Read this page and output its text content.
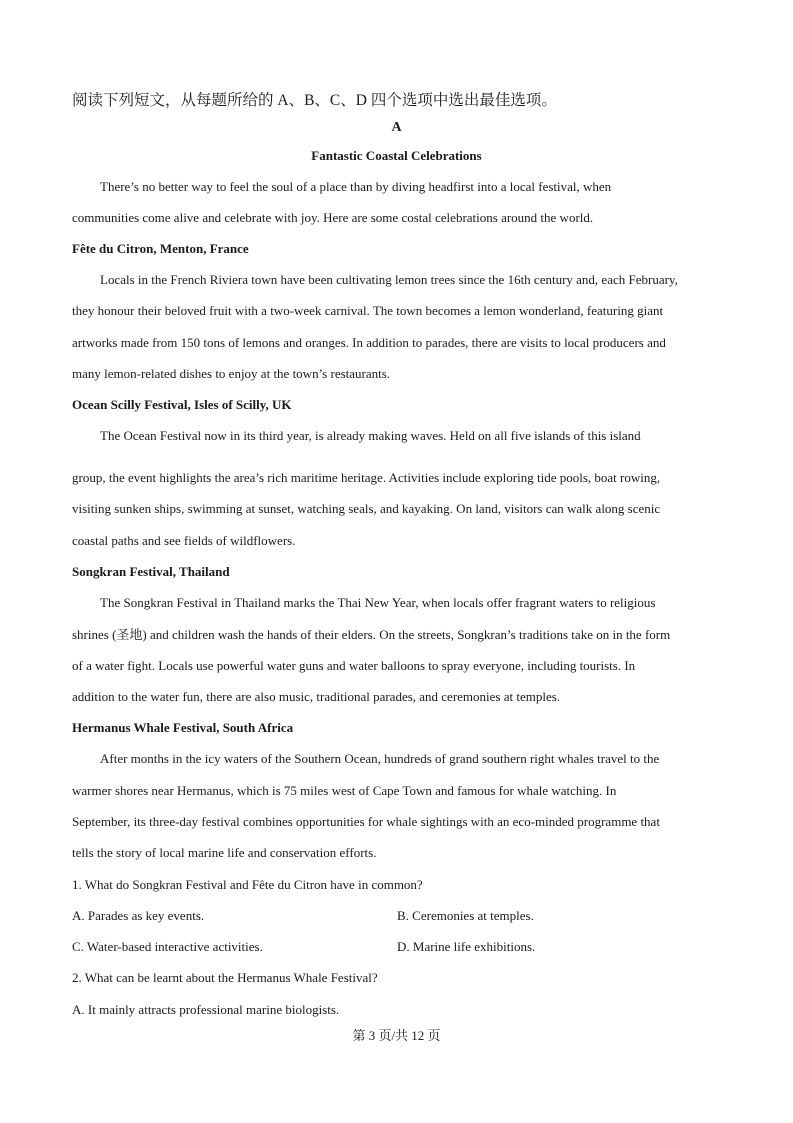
阅读下列短文，从每题所给的 A、B、C、D 四个选项中选出最佳选项。
A
Fantastic Coastal Celebrations
There’s no better way to feel the soul of a place than by diving headfirst into a local festival, when
communities come alive and celebrate with joy. Here are some costal celebrations around the world.
Fête du Citron, Menton, France
Locals in the French Riviera town have been cultivating lemon trees since the 16th century and, each February,
they honour their beloved fruit with a two-week carnival. The town becomes a lemon wonderland, featuring giant
artworks made from 150 tons of lemons and oranges. In addition to parades, there are visits to local producers and
many lemon-related dishes to enjoy at the town’s restaurants.
Ocean Scilly Festival, Isles of Scilly, UK
The Ocean Festival now in its third year, is already making waves. Held on all five islands of this island
group, the event highlights the area’s rich maritime heritage. Activities include exploring tide pools, boat rowing,
visiting sunken ships, swimming at sunset, watching seals, and kayaking. On land, visitors can walk along scenic
coastal paths and see fields of wildflowers.
Songkran Festival, Thailand
The Songkran Festival in Thailand marks the Thai New Year, when locals offer fragrant waters to religious
shrines (圣地) and children wash the hands of their elders. On the streets, Songkran’s traditions take on in the form
of a water fight. Locals use powerful water guns and water balloons to spray everyone, including tourists. In
addition to the water fun, there are also music, traditional parades, and ceremonies at temples.
Hermanus Whale Festival, South Africa
After months in the icy waters of the Southern Ocean, hundreds of grand southern right whales travel to the
warmer shores near Hermanus, which is 75 miles west of Cape Town and famous for whale watching. In
September, its three-day festival combines opportunities for whale sightings with an eco-minded programme that
tells the story of local marine life and conservation efforts.
1. What do Songkran Festival and Fête du Citron have in common?
A. Parades as key events.	B. Ceremonies at temples.
C. Water-based interactive activities.	D. Marine life exhibitions.
2. What can be learnt about the Hermanus Whale Festival?
A. It mainly attracts professional marine biologists.
第 3 页/共 12 页
